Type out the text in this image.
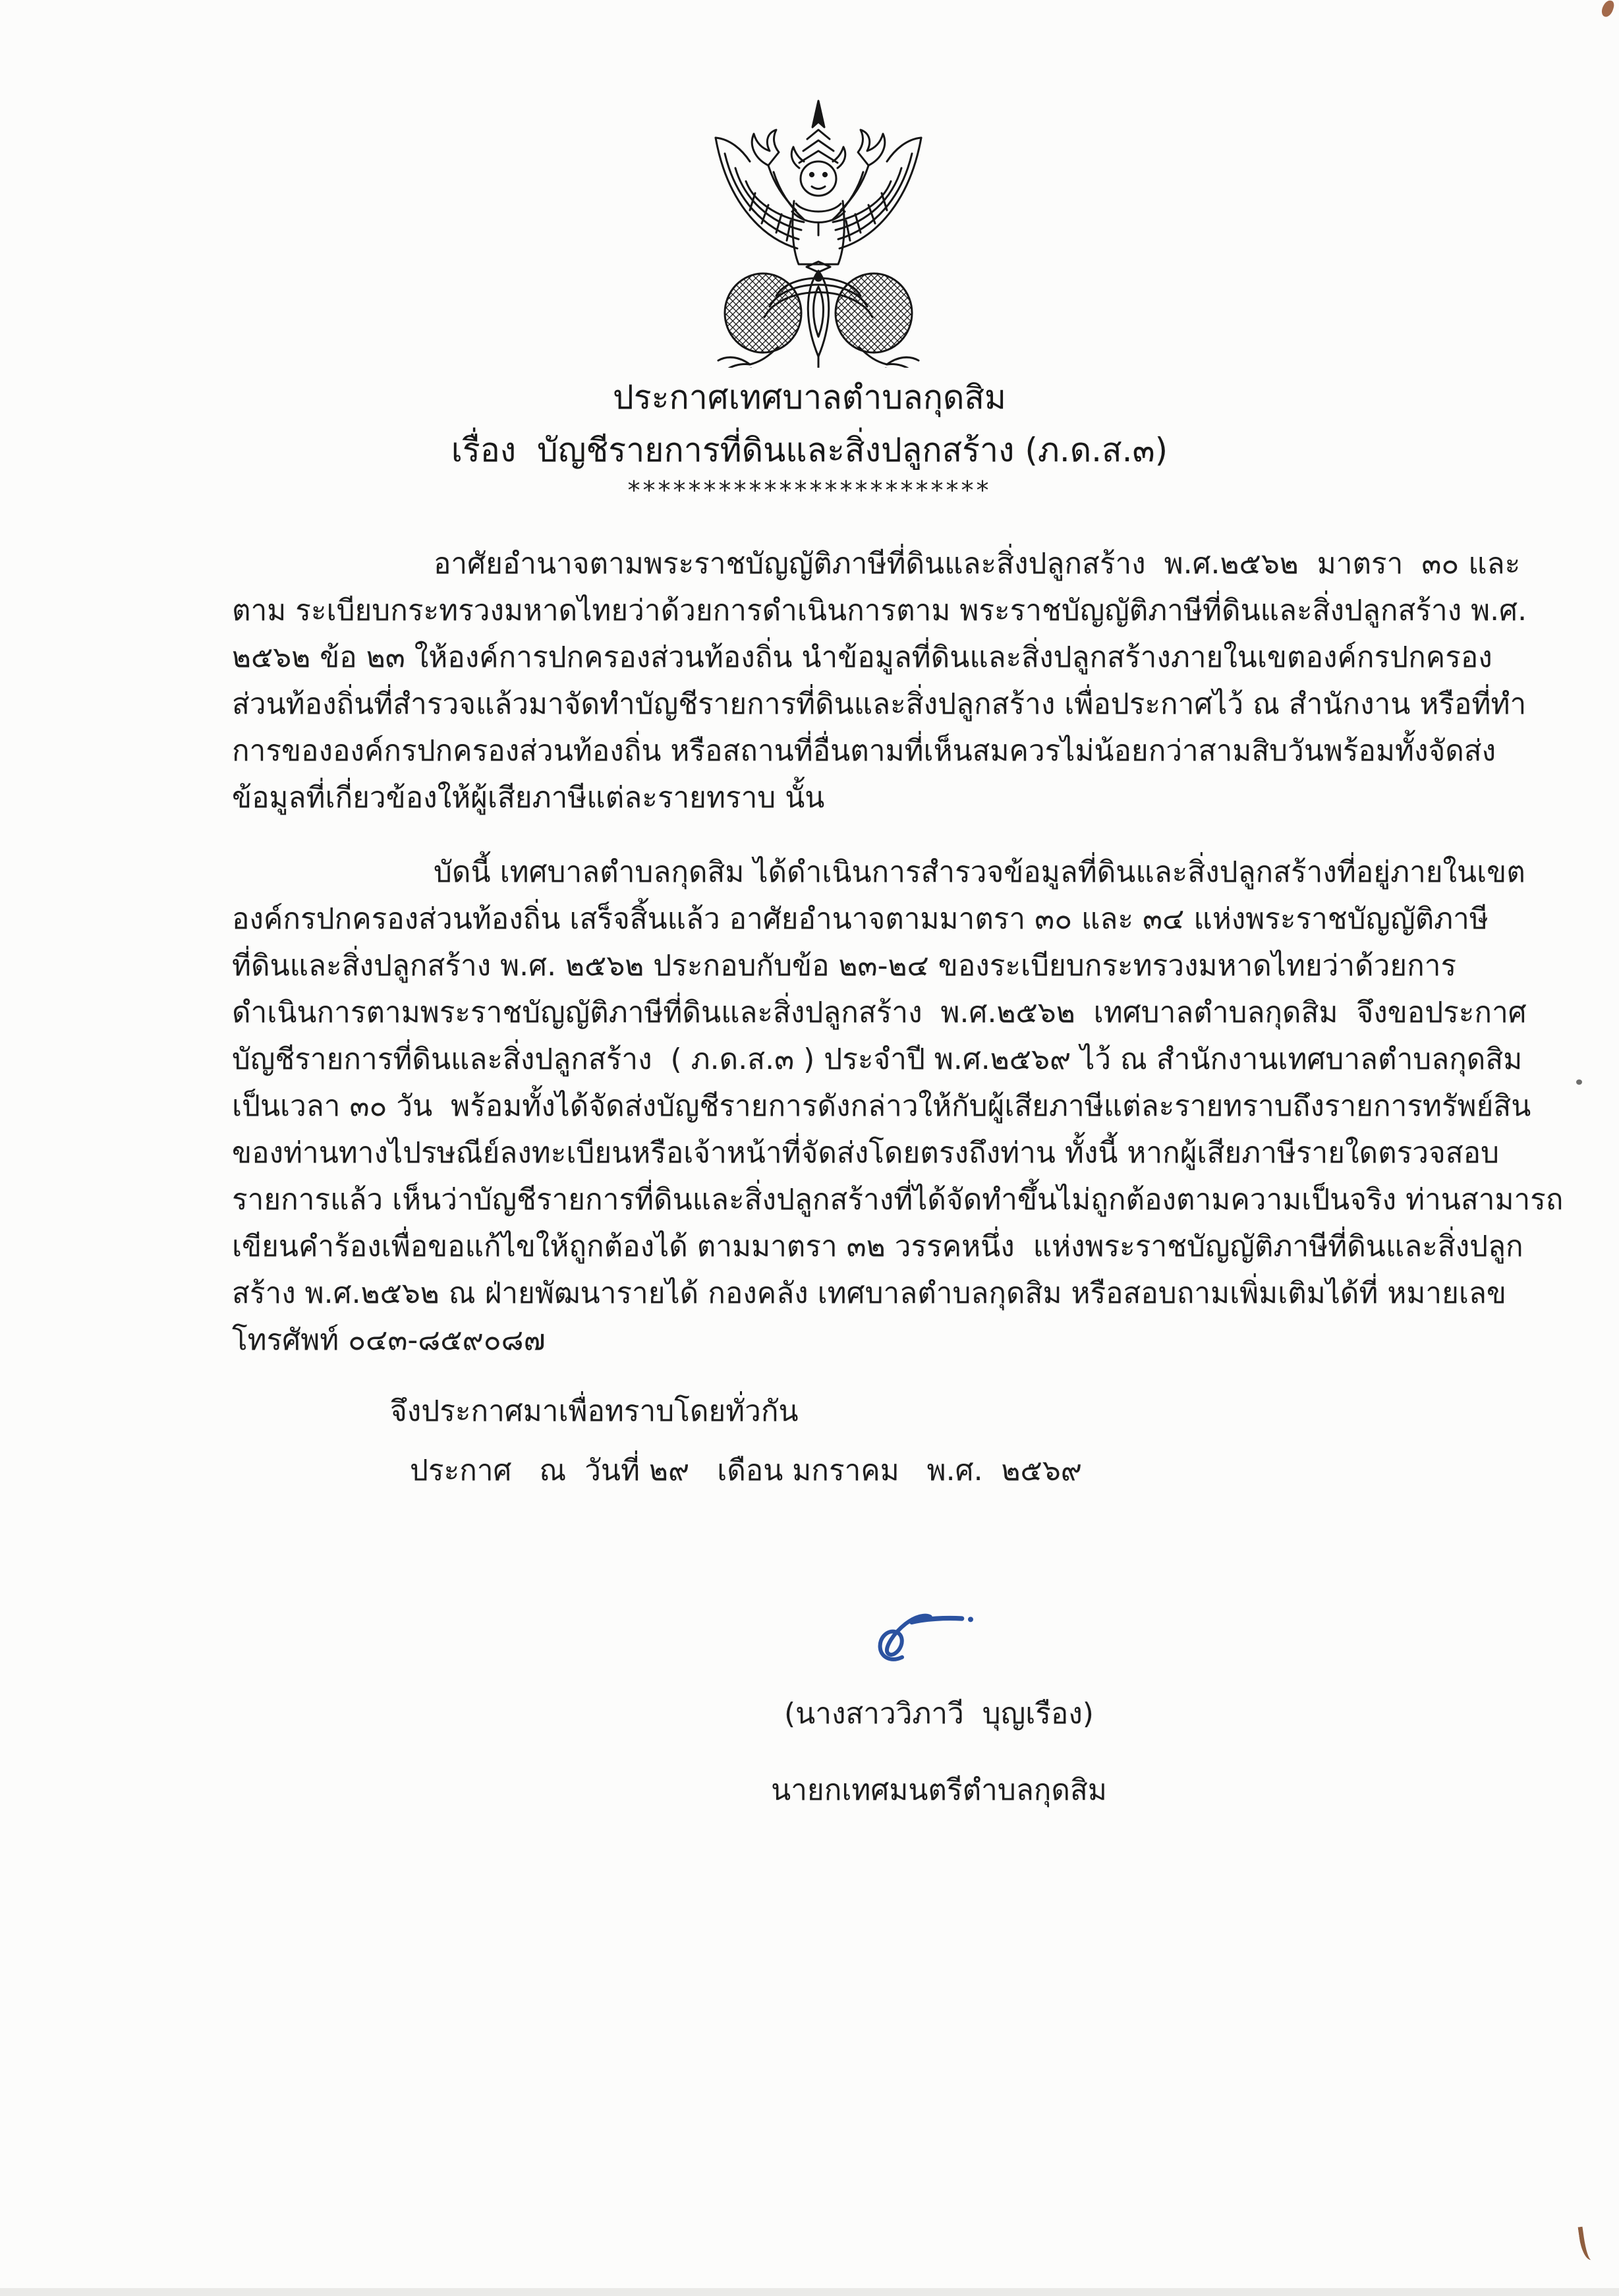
ประกาศเทศบาลตำบลกุดสิม
เรื่อง  บัญชีรายการที่ดินและสิ่งปลูกสร้าง (ภ.ด.ส.๓)
************************
อาศัยอำนาจตามพระราชบัญญัติภาษีที่ดินและสิ่งปลูกสร้าง  พ.ศ.๒๕๖๒  มาตรา  ๓๐ และ
ตาม ระเบียบกระทรวงมหาดไทยว่าด้วยการดำเนินการตาม พระราชบัญญัติภาษีที่ดินและสิ่งปลูกสร้าง พ.ศ.
๒๕๖๒ ข้อ ๒๓ ให้องค์การปกครองส่วนท้องถิ่น นำข้อมูลที่ดินและสิ่งปลูกสร้างภายในเขตองค์กรปกครอง
ส่วนท้องถิ่นที่สำรวจแล้วมาจัดทำบัญชีรายการที่ดินและสิ่งปลูกสร้าง เพื่อประกาศไว้ ณ สำนักงาน หรือที่ทำ
การขององค์กรปกครองส่วนท้องถิ่น หรือสถานที่อื่นตามที่เห็นสมควรไม่น้อยกว่าสามสิบวันพร้อมทั้งจัดส่ง
ข้อมูลที่เกี่ยวข้องให้ผู้เสียภาษีแต่ละรายทราบ นั้น
บัดนี้ เทศบาลตำบลกุดสิม ได้ดำเนินการสำรวจข้อมูลที่ดินและสิ่งปลูกสร้างที่อยู่ภายในเขต
องค์กรปกครองส่วนท้องถิ่น เสร็จสิ้นแล้ว อาศัยอำนาจตามมาตรา ๓๐ และ ๓๔ แห่งพระราชบัญญัติภาษี
ที่ดินและสิ่งปลูกสร้าง พ.ศ. ๒๕๖๒ ประกอบกับข้อ ๒๓-๒๔ ของระเบียบกระทรวงมหาดไทยว่าด้วยการ
ดำเนินการตามพระราชบัญญัติภาษีที่ดินและสิ่งปลูกสร้าง  พ.ศ.๒๕๖๒  เทศบาลตำบลกุดสิม  จึงขอประกาศ
บัญชีรายการที่ดินและสิ่งปลูกสร้าง  ( ภ.ด.ส.๓ ) ประจำปี พ.ศ.๒๕๖๙ ไว้ ณ สำนักงานเทศบาลตำบลกุดสิม
เป็นเวลา ๓๐ วัน  พร้อมทั้งได้จัดส่งบัญชีรายการดังกล่าวให้กับผู้เสียภาษีแต่ละรายทราบถึงรายการทรัพย์สิน
ของท่านทางไปรษณีย์ลงทะเบียนหรือเจ้าหน้าที่จัดส่งโดยตรงถึงท่าน ทั้งนี้ หากผู้เสียภาษีรายใดตรวจสอบ
รายการแล้ว เห็นว่าบัญชีรายการที่ดินและสิ่งปลูกสร้างที่ได้จัดทำขึ้นไม่ถูกต้องตามความเป็นจริง ท่านสามารถ
เขียนคำร้องเพื่อขอแก้ไขให้ถูกต้องได้ ตามมาตรา ๓๒ วรรคหนึ่ง  แห่งพระราชบัญญัติภาษีที่ดินและสิ่งปลูก
สร้าง พ.ศ.๒๕๖๒ ณ ฝ่ายพัฒนารายได้ กองคลัง เทศบาลตำบลกุดสิม หรือสอบถามเพิ่มเติมได้ที่ หมายเลข
โทรศัพท์ ๐๔๓-๘๕๙๐๘๗
จึงประกาศมาเพื่อทราบโดยทั่วกัน
ประกาศ   ณ  วันที่ ๒๙   เดือน มกราคม   พ.ศ.  ๒๕๖๙
(นางสาววิภาวี  บุญเรือง)
นายกเทศมนตรีตำบลกุดสิม
